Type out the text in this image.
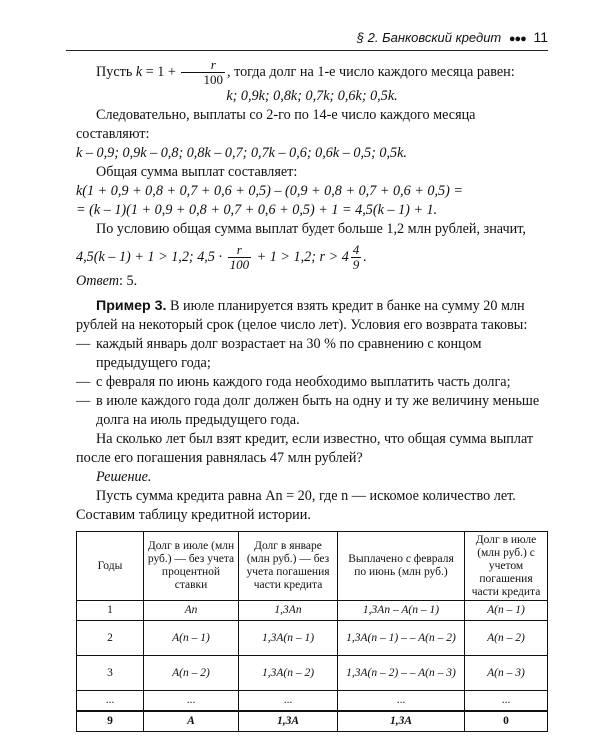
§ 2. Банковский кредит ●●● 11

Пусть $k = 1 + \frac{r}{100}$ , тогда долг на 1-е число каждого месяца равен:

k; 0,9k; 0,8k; 0,7k; 0,6k; 0,5k.

Следовательно, выплаты со 2-го по 14-е число каждого месяца составляют:

k – 0,9; 0,9k – 0,8; 0,8k – 0,7; 0,7k – 0,6; 0,6k – 0,5; 0,5k.

Общая сумма выплат составляет:

k(1 + 0,9 + 0,8 + 0,7 + 0,6 + 0,5) – (0,9 + 0,8 + 0,7 + 0,6 + 0,5) =

= (k – 1)(1 + 0,9 + 0,8 + 0,7 + 0,6 + 0,5) + 1 = 4,5(k – 1) + 1.

По условию общая сумма выплат будет больше 1,2 млн рублей, значит,

4,5(k – 1) + 1 > 1,2; $4,5 \cdot \frac{r}{100} + 1 > 1,2$; $r > 4 \frac{4}{9}$ .

Ответ: 5.

Пример 3. В июле планируется взять кредит в банке на сумму 20 млн рублей на некоторый срок (целое число лет). Условия его возврата таковы:

— каждый январь долг возрастает на 30 % по сравнению с концом предыдущего года;

— с февраля по июнь каждого года необходимо выплатить часть долга;

— в июле каждого года долг должен быть на одну и ту же величину меньше долга на июль предыдущего года.

На сколько лет был взят кредит, если известно, что общая сумма выплат после его погашения равнялась 47 млн рублей?

Решение.

Пусть сумма кредита равна An = 20, где n — искомое количество лет. Составим таблицу кредитной истории.

Годы	Долг в июле (млн руб.) — без учета процентной ставки	Долг в январе (млн руб.) — без учета погашения части кредита	Выплачено с февраля по июнь (млн руб.)	Долг в июле (млн руб.) с учетом погашения части кредита
1	An	1,3An	1,3An – A(n – 1)	A(n – 1)
2	A(n – 1)	1,3A(n – 1)	1,3A(n – 1) – – A(n – 2)	A(n – 2)
3	A(n – 2)	1,3A(n – 2)	1,3A(n – 2) – – A(n – 3)	A(n – 3)
...	...	...	...	...
9	A	1,3A	1,3A	0
